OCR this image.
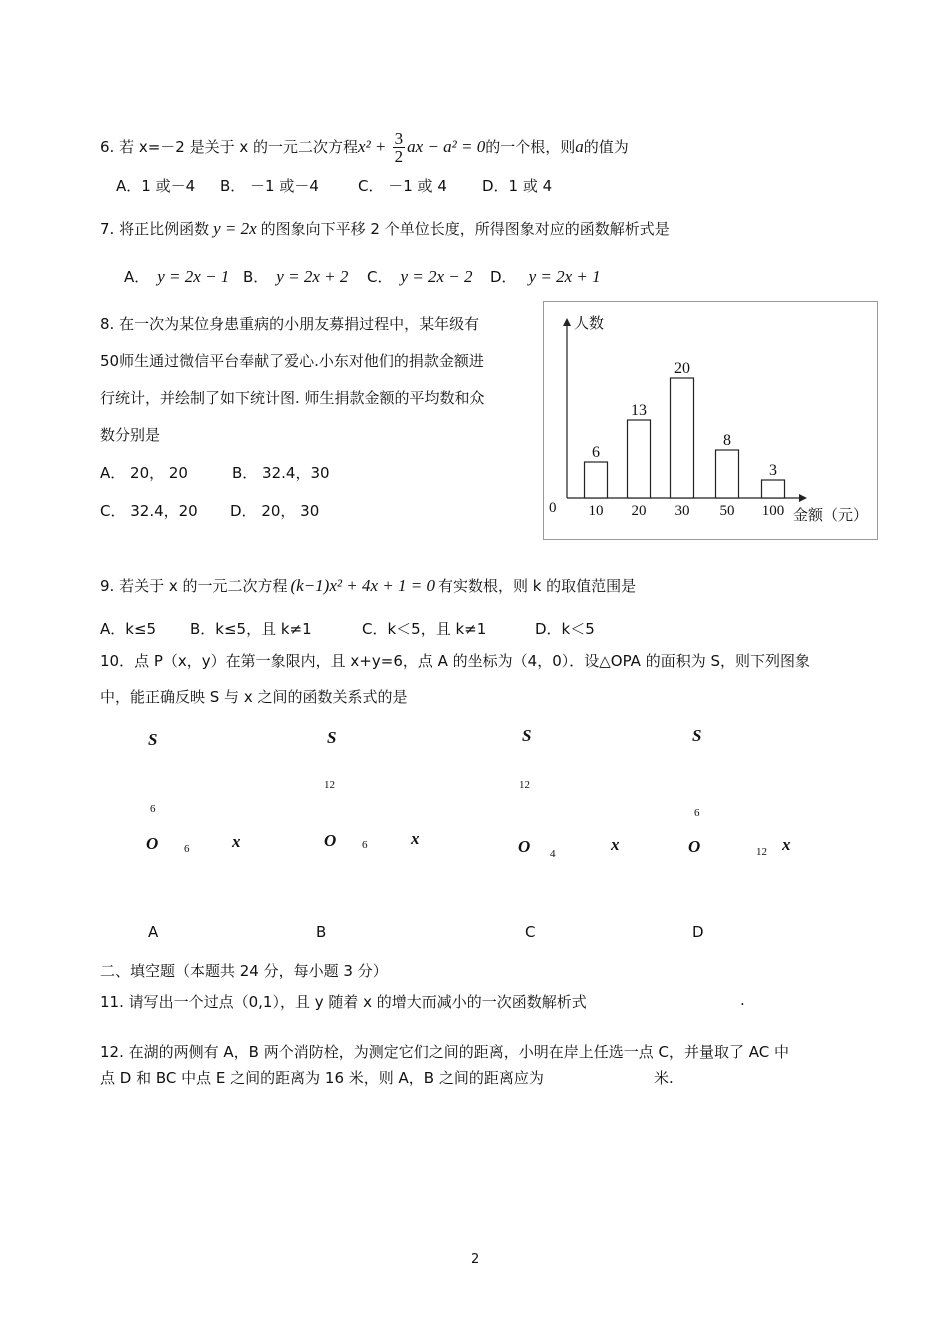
6. 若 x=－2 是关于 x 的一元二次方程$x^2 + \frac{3}{2}$ ax − a² = 0的一个根，则a的值为
A．1 或－4 B． －1 或－4	C． －1 或 4 D．1 或 4
7. 将正比例函数 y = 2x 的图象向下平移 2 个单位长度，所得图象对应的函数解析式是
A． y = 2x − 1 B． y = 2x + 2 C． y = 2x − 2 D． y = 2x + 1
8. 在一次为某位身患重病的小朋友募捐过程中，某年级有
50师生通过微信平台奉献了爱心.小东对他们的捐款金额进
行统计，并绘制了如下统计图. 师生捐款金额的平均数和众
数分别是
A． 20， 20	B． 32.4，30
C． 32.4，20 D． 20， 30
人数
金额（元）
0
6
10
13
20
20
30
8
50
3
100
9. 若关于 x 的一元二次方程 (k−1)x² + 4x + 1 = 0 有实数根，则 k 的取值范围是
A．k≤5 B．k≤5，且 k≠1	C．k＜5，且 k≠1	D．k＜5
10．点 P（x，y）在第一象限内，且 x+y=6，点 A 的坐标为（4，0）．设△OPA 的面积为 S，则下列图象
中，能正确反映 S 与 x 之间的函数关系式的是
S
6
O 6	x
A
S
12
O 6	x
B
S
12
O 4	x
C
S
6
O	12 x
D
二、填空题（本题共 24 分，每小题 3 分）
11. 请写出一个过点（0,1），且 y 随着 x 的增大而减小的一次函数解析式	.
12. 在湖的两侧有 A，B 两个消防栓，为测定它们之间的距离，小明在岸上任选一点 C，并量取了 AC 中
点 D 和 BC 中点 E 之间的距离为 16 米，则 A，B 之间的距离应为	米.
2
